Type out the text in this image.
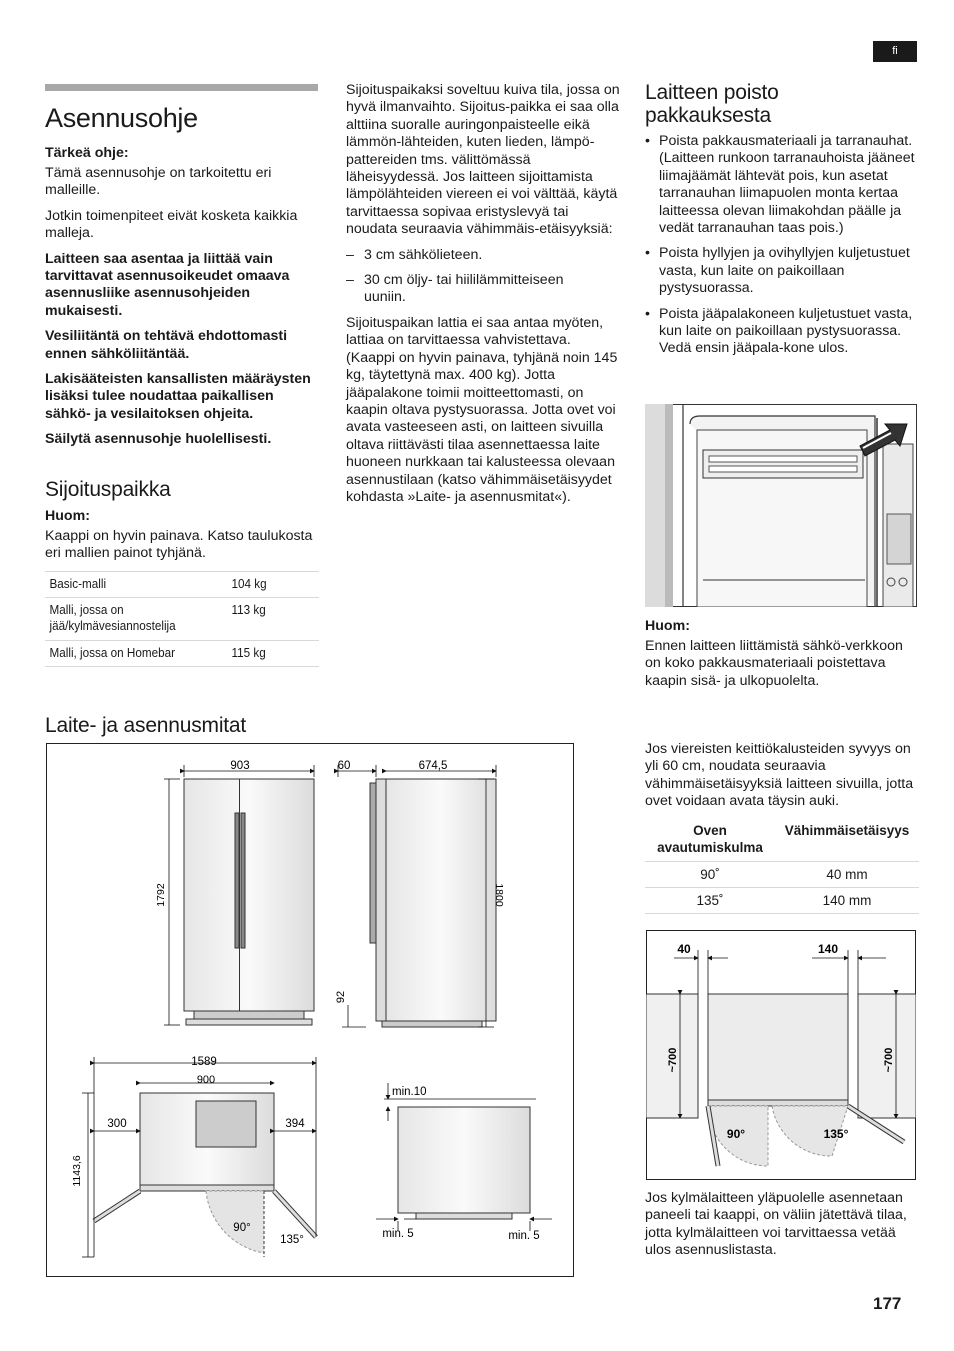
fi
Asennusohje

Tärkeä ohje:

Tämä asennusohje on tarkoitettu eri malleille.

Jotkin toimenpiteet eivät kosketa kaikkia malleja.

Laitteen saa asentaa ja liittää vain tarvittavat asennusoikeudet omaava asennusliike asennusohjeiden mukaisesti.

Vesiliitäntä on tehtävä ehdottomasti ennen sähköliitäntää.

Lakisääteisten kansallisten määräysten lisäksi tulee noudattaa paikallisen sähkö- ja vesilaitoksen ohjeita.

Säilytä asennusohje huolellisesti.

Sijoituspaikka

Huom:

Kaappi on hyvin painava. Katso taulukosta eri mallien painot tyhjänä.

Basic-malli	104 kg
Malli, jossa on jää/kylmävesiannostelija	113 kg
Malli, jossa on Homebar	115 kg

Sijoituspaikaksi soveltuu kuiva tila, jossa on hyvä ilmanvaihto. Sijoitus-paikka ei saa olla alttiina suoralle auringonpaisteelle eikä lämmön-lähteiden, kuten lieden, lämpö-pattereiden tms. välittömässä läheisyydessä. Jos laitteen sijoittamista lämpölähteiden viereen ei voi välttää, käytä tarvittaessa sopivaa eristyslevyä tai noudata seuraavia vähimmäis-etäisyyksiä:

– 3 cm sähkölieteen.
– 30 cm öljy- tai hiililämmitteiseen uuniin.

Sijoituspaikan lattia ei saa antaa myöten, lattiaa on tarvittaessa vahvistettava. (Kaappi on hyvin painava, tyhjänä noin 145 kg, täytettynä max. 400 kg). Jotta jääpalakone toimii moitteettomasti, on kaapin oltava pystysuorassa. Jotta ovet voi avata vasteeseen asti, on laitteen sivuilla oltava riittävästi tilaa asennettaessa laite huoneen nurkkaan tai kalusteessa olevaan asennustilaan (katso vähimmäisetäisyydet kohdasta »Laite- ja asennusmitat«).

Laitteen poisto
pakkauksesta
• Poista pakkausmateriaali ja tarranauhat. (Laitteen runkoon tarranauhoista jääneet liimajäämät lähtevät pois, kun asetat tarranauhan liimapuolen monta kertaa laitteessa olevan liimakohdan päälle ja vedät tarranauhan taas pois.)
• Poista hyllyjen ja ovihyllyjen kuljetustuet vasta, kun laite on paikoillaan pystysuorassa.
• Poista jääpalakoneen kuljetustuet vasta, kun laite on paikoillaan pystysuorassa. Vedä ensin jääpala-kone ulos.

Huom:

Ennen laitteen liittämistä sähkö-verkkoon on koko pakkausmateriaali poistettava kaapin sisä- ja ulkopuolelta.

Laite- ja asennusmitat
903
1792
60	674,5
1800
92
1589
900
300	394
1143,6
90°
135°
min.10
min. 5	min. 5

Jos viereisten keittiökalusteiden syvyys on yli 60 cm, noudata seuraavia vähimmäisetäisyyksiä laitteen sivuilla, jotta ovet voidaan avata täysin auki.

Oven
avautumiskulma	Vähimmäisetäisyys
90˚	40 mm
135˚	140 mm
40	140
~700	~700
90°	135°

Jos kylmälaitteen yläpuolelle asennetaan paneeli tai kaappi, on väliin jätettävä tilaa, jotta kylmälaitteen voi tarvittaessa vetää ulos asennuslistasta.

177
